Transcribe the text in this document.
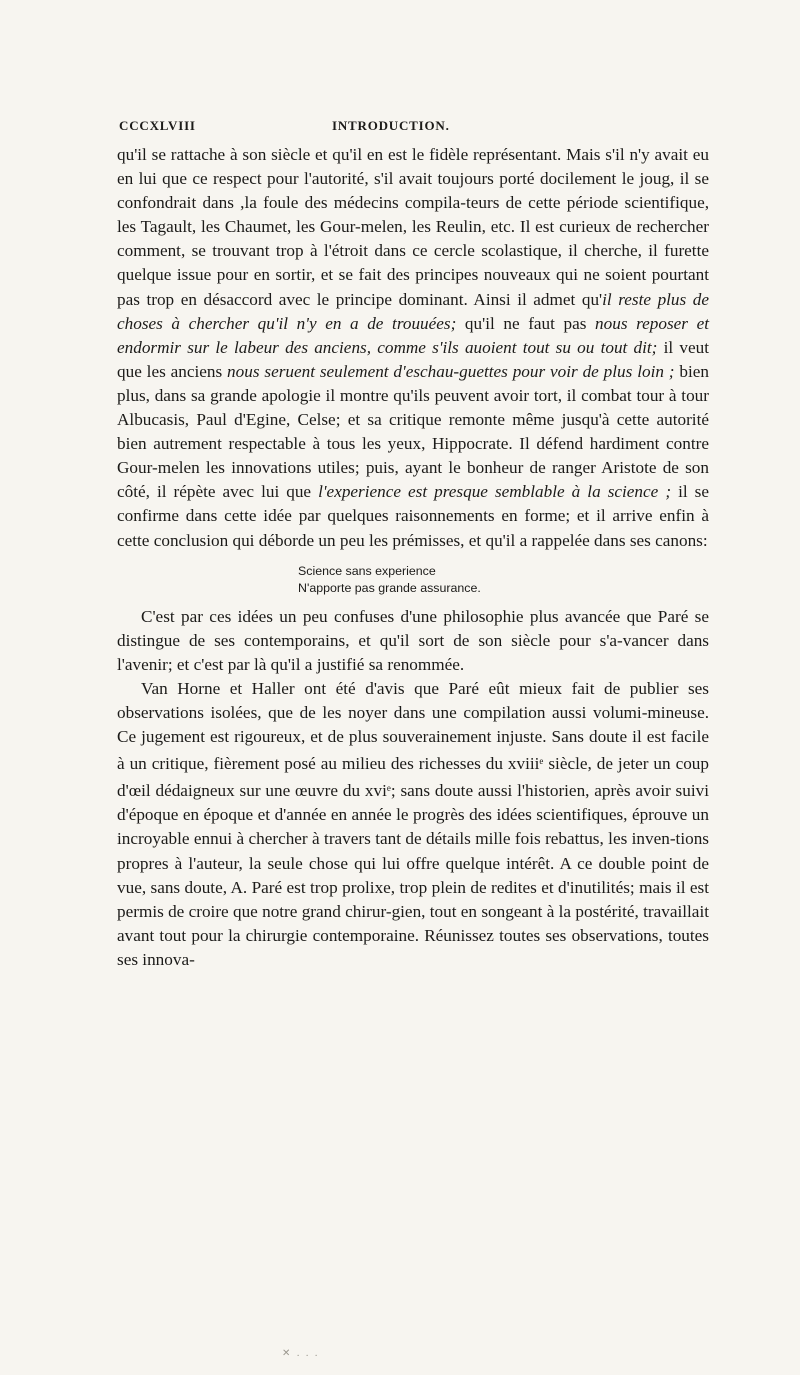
CCCXLVIII	INTRODUCTION.

qu'il se rattache à son siècle et qu'il en est le fidèle représentant. Mais s'il n'y avait eu en lui que ce respect pour l'autorité, s'il avait toujours porté docilement le joug, il se confondrait dans ,la foule des médecins compila-teurs de cette période scientifique, les Tagault, les Chaumet, les Gour-melen, les Reulin, etc. Il est curieux de rechercher comment, se trouvant trop à l'étroit dans ce cercle scolastique, il cherche, il furette quelque issue pour en sortir, et se fait des principes nouveaux qui ne soient pourtant pas trop en désaccord avec le principe dominant. Ainsi il admet qu'il reste plus de choses à chercher qu'il n'y en a de trouuées; qu'il ne faut pas nous reposer et endormir sur le labeur des anciens, comme s'ils auoient tout su ou tout dit; il veut que les anciens nous seruent seulement d'eschau-guettes pour voir de plus loin ; bien plus, dans sa grande apologie il montre qu'ils peuvent avoir tort, il combat tour à tour Albucasis, Paul d'Egine, Celse; et sa critique remonte même jusqu'à cette autorité bien autrement respectable à tous les yeux, Hippocrate. Il défend hardiment contre Gour-melen les innovations utiles; puis, ayant le bonheur de ranger Aristote de son côté, il répète avec lui que l'experience est presque semblable à la science ; il se confirme dans cette idée par quelques raisonnements en forme; et il arrive enfin à cette conclusion qui déborde un peu les prémisses, et qu'il a rappelée dans ses canons:

Science sans experience
N'apporte pas grande assurance.

C'est par ces idées un peu confuses d'une philosophie plus avancée que Paré se distingue de ses contemporains, et qu'il sort de son siècle pour s'a-vancer dans l'avenir; et c'est par là qu'il a justifié sa renommée.

Van Horne et Haller ont été d'avis que Paré eût mieux fait de publier ses observations isolées, que de les noyer dans une compilation aussi volumi-mineuse. Ce jugement est rigoureux, et de plus souverainement injuste. Sans doute il est facile à un critique, fièrement posé au milieu des richesses du xviii$^e$ siècle, de jeter un coup d'œil dédaigneux sur une œuvre du xvi$^e$; sans doute aussi l'historien, après avoir suivi d'époque en époque et d'année en année le progrès des idées scientifiques, éprouve un incroyable ennui à chercher à travers tant de détails mille fois rebattus, les inven-tions propres à l'auteur, la seule chose qui lui offre quelque intérêt. A ce double point de vue, sans doute, A. Paré est trop prolixe, trop plein de redites et d'inutilités; mais il est permis de croire que notre grand chirur-gien, tout en songeant à la postérité, travaillait avant tout pour la chirurgie contemporaine. Réunissez toutes ses observations, toutes ses innova-

✕ . . .
